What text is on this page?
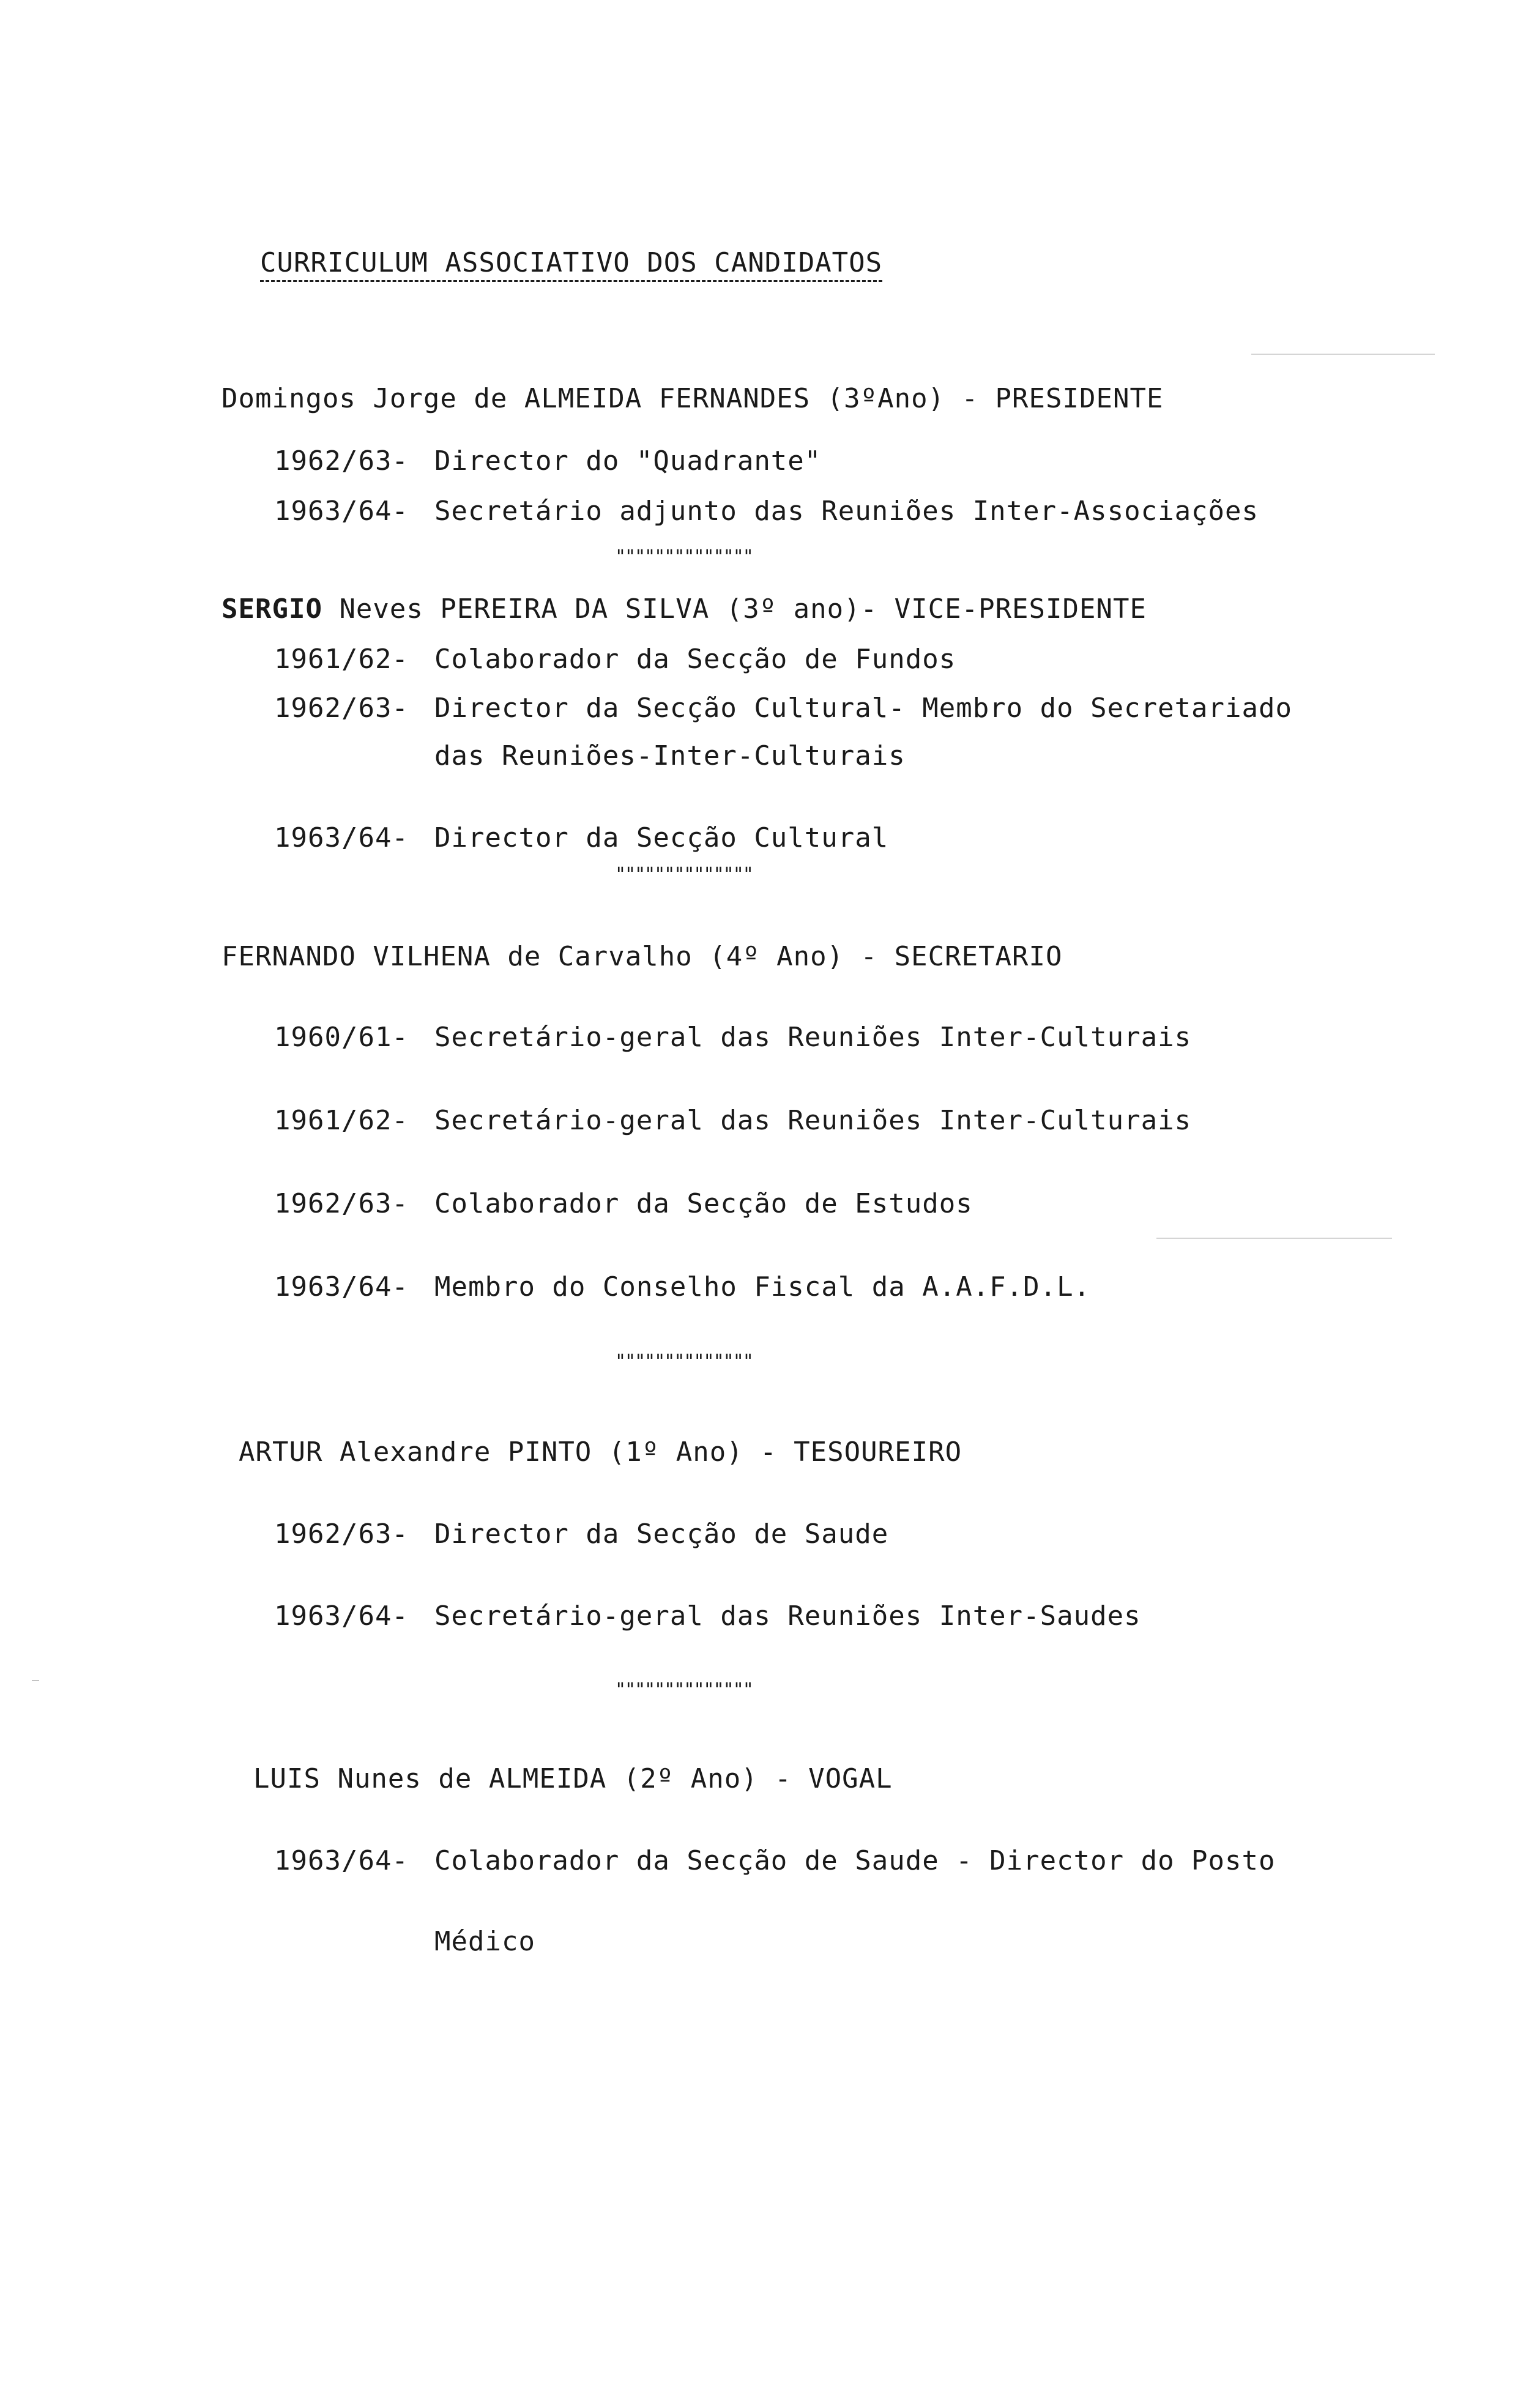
CURRICULUM ASSOCIATIVO DOS CANDIDATOS
Domingos Jorge de ALMEIDA FERNANDES (3ºAno) - PRESIDENTE
1962/63- Director do "Quadrante"
1963/64- Secretário adjunto das Reuniões Inter-Associações
""""""""""""""
SERGIO Neves PEREIRA DA SILVA (3º ano)- VICE-PRESIDENTE
1961/62- Colaborador da Secção de Fundos
1962/63- Director da Secção Cultural- Membro do Secretariado
das Reuniões-Inter-Culturais
1963/64- Director da Secção Cultural
""""""""""""""
FERNANDO VILHENA de Carvalho (4º Ano) - SECRETARIO
1960/61- Secretário-geral das Reuniões Inter-Culturais
1961/62- Secretário-geral das Reuniões Inter-Culturais
1962/63- Colaborador da Secção de Estudos
1963/64- Membro do Conselho Fiscal da A.A.F.D.L.
""""""""""""""
ARTUR Alexandre PINTO (1º Ano) - TESOUREIRO
1962/63- Director da Secção de Saude
1963/64- Secretário-geral das Reuniões Inter-Saudes
""""""""""""""
LUIS Nunes de ALMEIDA (2º Ano) - VOGAL
1963/64- Colaborador da Secção de Saude - Director do Posto
Médico
